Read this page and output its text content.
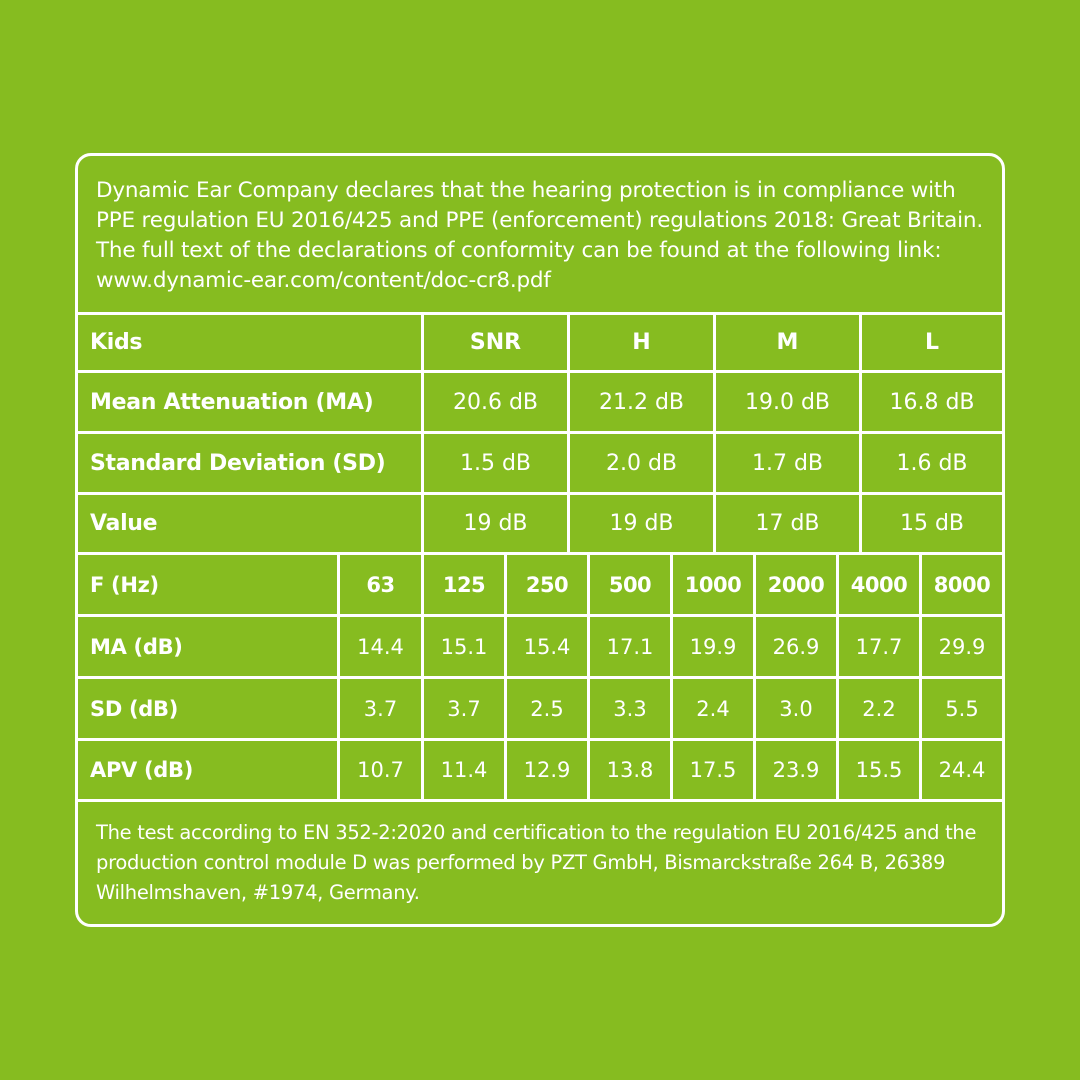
Dynamic Ear Company declares that the hearing protection is in compliance with PPE regulation EU 2016/425 and PPE (enforcement) regulations 2018: Great Britain. The full text of the declarations of conformity can be found at the following link: www.dynamic-ear.com/content/doc-cr8.pdf
Kids	SNR	H	M	L
Mean Attenuation (MA)	20.6 dB	21.2 dB	19.0 dB	16.8 dB
Standard Deviation (SD)	1.5 dB	2.0 dB	1.7 dB	1.6 dB
Value	19 dB	19 dB	17 dB	15 dB
F (Hz)	63	125	250	500	1000	2000	4000	8000
MA (dB)	14.4	15.1	15.4	17.1	19.9	26.9	17.7	29.9
SD (dB)	3.7	3.7	2.5	3.3	2.4	3.0	2.2	5.5
APV (dB)	10.7	11.4	12.9	13.8	17.5	23.9	15.5	24.4
The test according to EN 352-2:2020 and certification to the regulation EU 2016/425 and the production control module D was performed by PZT GmbH, Bismarckstraße 264 B, 26389 Wilhelmshaven, #1974, Germany.
